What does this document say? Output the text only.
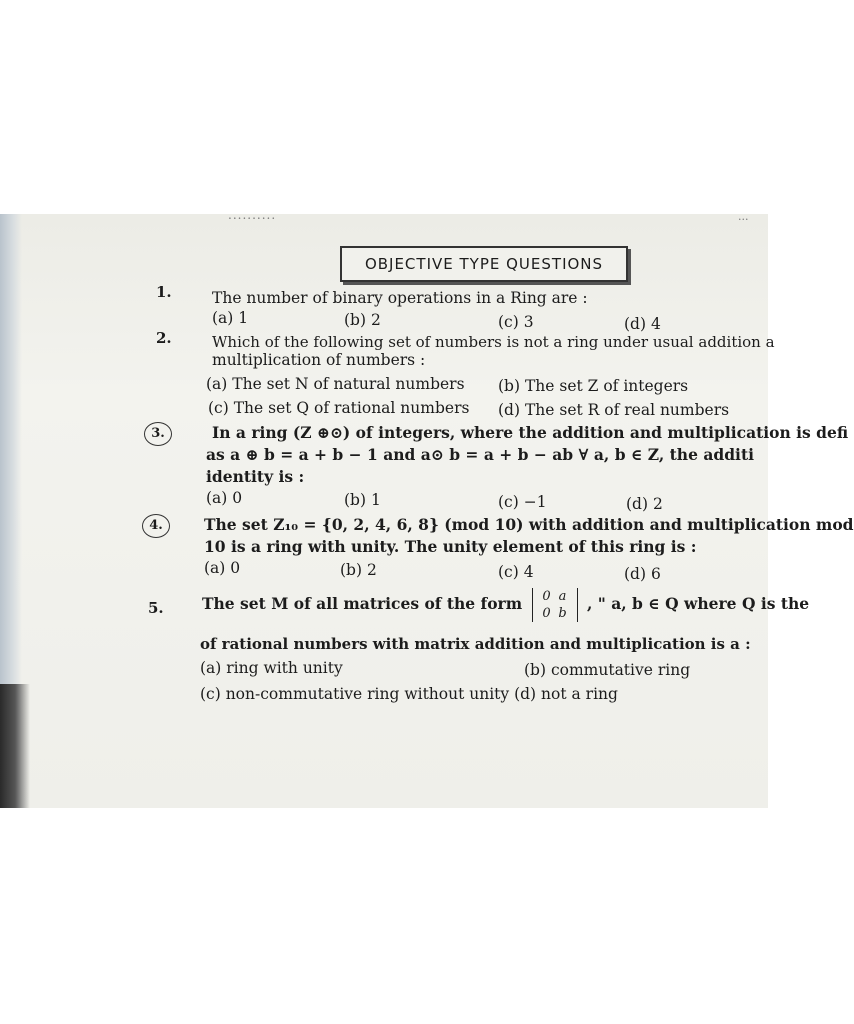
..........	...
OBJECTIVE TYPE QUESTIONS
1.	The number of binary operations in a Ring are :
(a) 1	(b) 2	(c) 3	(d) 4
2.	Which of the following set of numbers is not a ring under usual addition a
multiplication of numbers :
(a) The set N of natural numbers (b) The set Z of integers
(c) The set Q of rational numbers (d) The set R of real numbers
3.	In a ring (Z ⊕⊙) of integers, where the addition and multiplication is defi
as a ⊕ b = a + b − 1 and a⊙ b = a + b − ab ∀ a, b ∈ Z, the additi
identity is :
(a) 0	(b) 1	(c) −1	(d) 2
4.	The set Z₁₀ = {0, 2, 4, 6, 8} (mod 10) with addition and multiplication mod
10 is a ring with unity. The unity element of this ring is :
(a) 0	(b) 2	(c) 4	(d) 6
5. The set M of all matrices of the form 0 a
0 b , " a, b ∈ Q where Q is the
of rational numbers with matrix addition and multiplication is a :
(a) ring with unity	(b) commutative ring
(c) non-commutative ring without unity (d) not a ring
